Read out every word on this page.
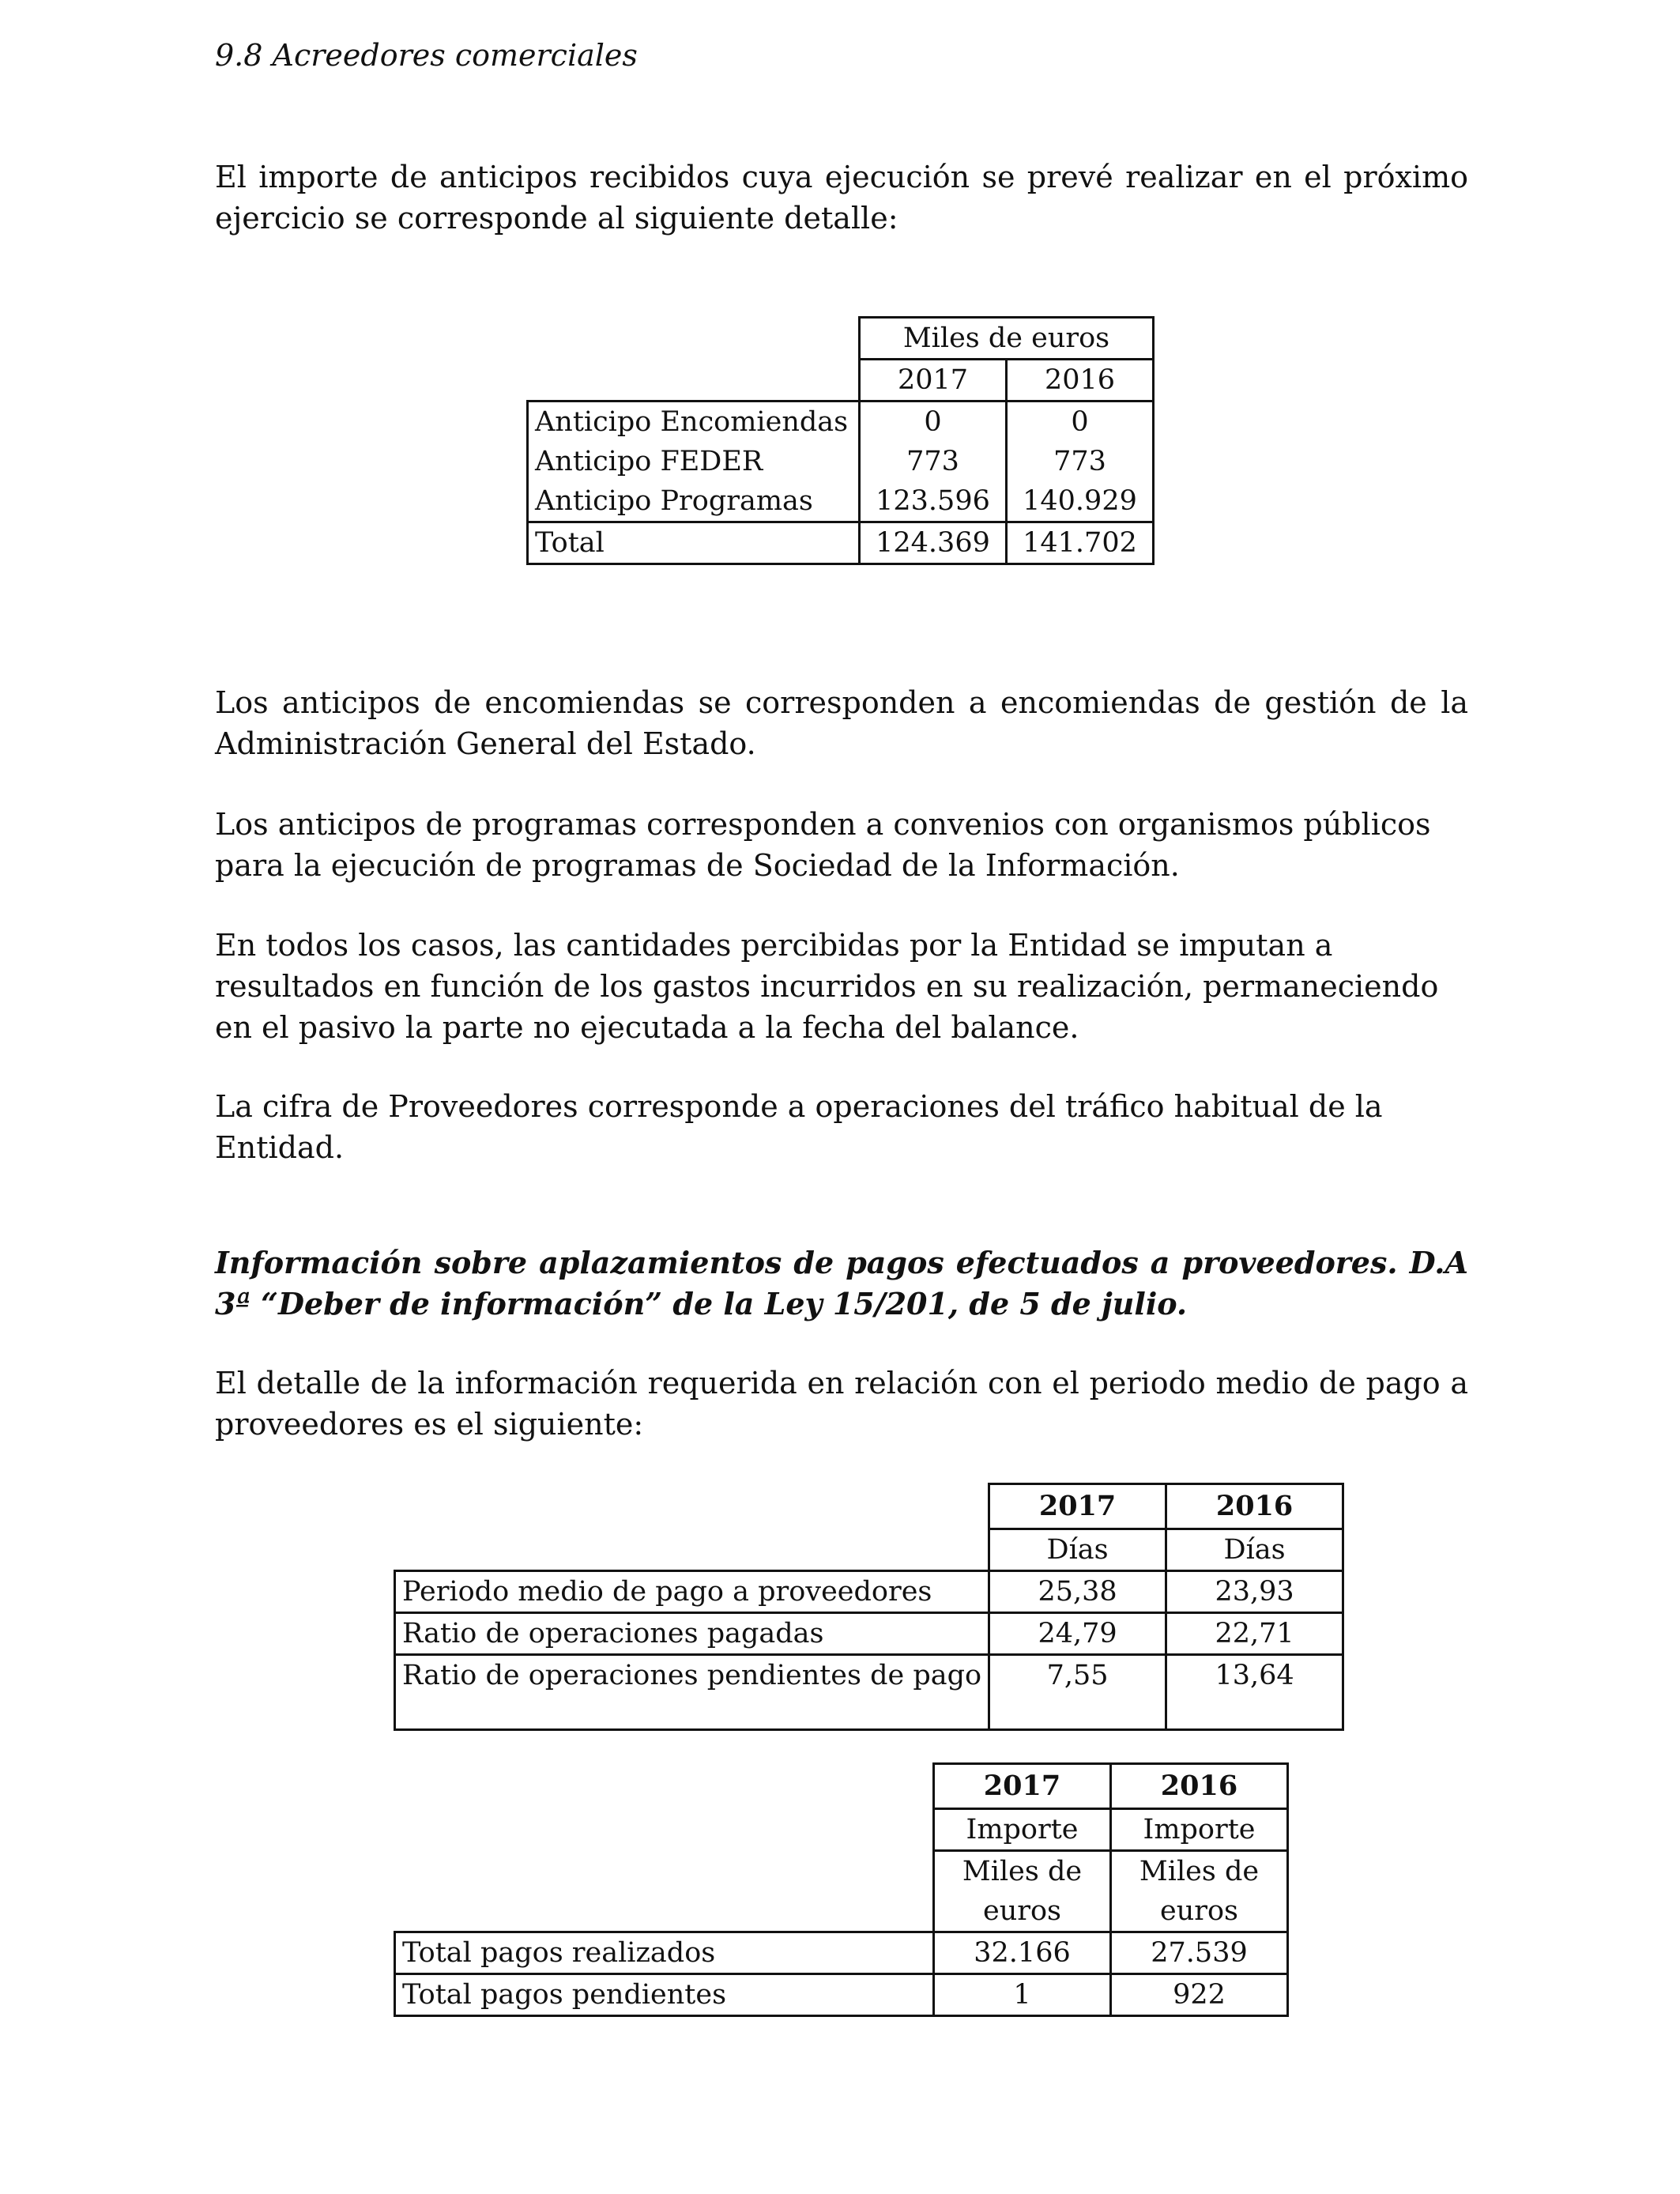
9.8 Acreedores comerciales

El importe de anticipos recibidos cuya ejecución se prevé realizar en el próximo ejercicio se corresponde al siguiente detalle:

	Miles de euros	
	2017	2016
Anticipo Encomiendas	0	0
Anticipo FEDER	773	773
Anticipo Programas	123.596	140.929
Total	124.369	141.702

Los anticipos de encomiendas se corresponden a encomiendas de gestión de la Administración General del Estado.

Los anticipos de programas corresponden a convenios con organismos públicos para la ejecución de programas de Sociedad de la Información.

En todos los casos, las cantidades percibidas por la Entidad se imputan a resultados en función de los gastos incurridos en su realización, permaneciendo en el pasivo la parte no ejecutada a la fecha del balance.

La cifra de Proveedores corresponde a operaciones del tráfico habitual de la Entidad.

Información sobre aplazamientos de pagos efectuados a proveedores. D.A 3ª “Deber de información” de la Ley 15/201, de 5 de julio.

El detalle de la información requerida en relación con el periodo medio de pago a proveedores es el siguiente:

	2017	2016
	Días	Días
Periodo medio de pago a proveedores	25,38	23,93
Ratio de operaciones pagadas	24,79	22,71
Ratio de operaciones pendientes de pago	7,55	13,64
	2017	2016
	Importe	Importe
	Miles de	Miles de
	euros	euros
Total pagos realizados	32.166	27.539
Total pagos pendientes	1	922
